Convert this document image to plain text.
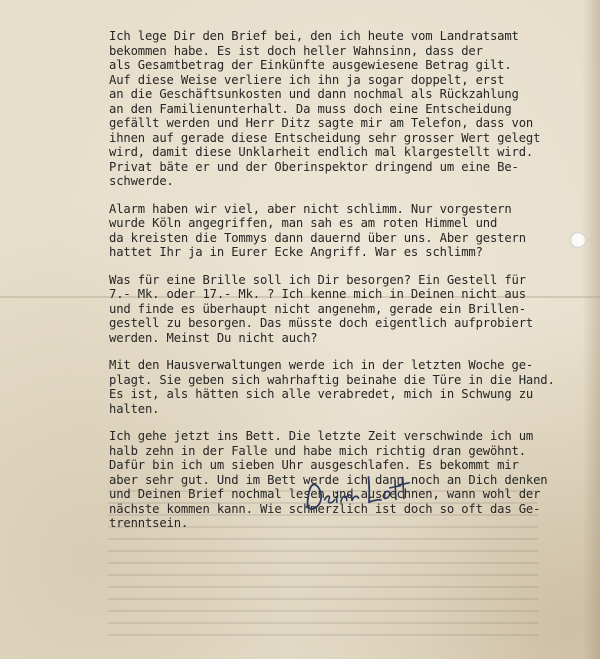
Ich lege Dir den Brief bei, den ich heute vom Landratsamt
bekommen habe. Es ist doch heller Wahnsinn, dass der
als Gesamtbetrag der Einkünfte ausgewiesene Betrag gilt.
Auf diese Weise verliere ich ihn ja sogar doppelt, erst
an die Geschäftsunkosten und dann nochmal als Rückzahlung
an den Familienunterhalt. Da muss doch eine Entscheidung
gefällt werden und Herr Ditz sagte mir am Telefon, dass von
ihnen auf gerade diese Entscheidung sehr grosser Wert gelegt
wird, damit diese Unklarheit endlich mal klargestellt wird.
Privat bäte er und der Oberinspektor dringend um eine Be-
schwerde.

Alarm haben wir viel, aber nicht schlimm. Nur vorgestern
wurde Köln angegriffen, man sah es am roten Himmel und
da kreisten die Tommys dann dauernd über uns. Aber gestern
hattet Ihr ja in Eurer Ecke Angriff. War es schlimm?

Was für eine Brille soll ich Dir besorgen? Ein Gestell für
7.- Mk. oder 17.- Mk. ? Ich kenne mich in Deinen nicht aus
und finde es überhaupt nicht angenehm, gerade ein Brillen-
gestell zu besorgen. Das müsste doch eigentlich aufprobiert
werden. Meinst Du nicht auch?

Mit den Hausverwaltungen werde ich in der letzten Woche ge-
plagt. Sie geben sich wahrhaftig beinahe die Türe in die Hand.
Es ist, als hätten sich alle verabredet, mich in Schwung zu
halten.

Ich gehe jetzt ins Bett. Die letzte Zeit verschwinde ich um
halb zehn in der Falle und habe mich richtig dran gewöhnt.
Dafür bin ich um sieben Uhr ausgeschlafen. Es bekommt mir
aber sehr gut. Und im Bett werde ich dann noch an Dich denken
und Deinen Brief nochmal lesen und ausrechnen, wann wohl der
nächste kommen kann. Wie schmerzlich ist doch so oft das Ge-
trenntsein.
